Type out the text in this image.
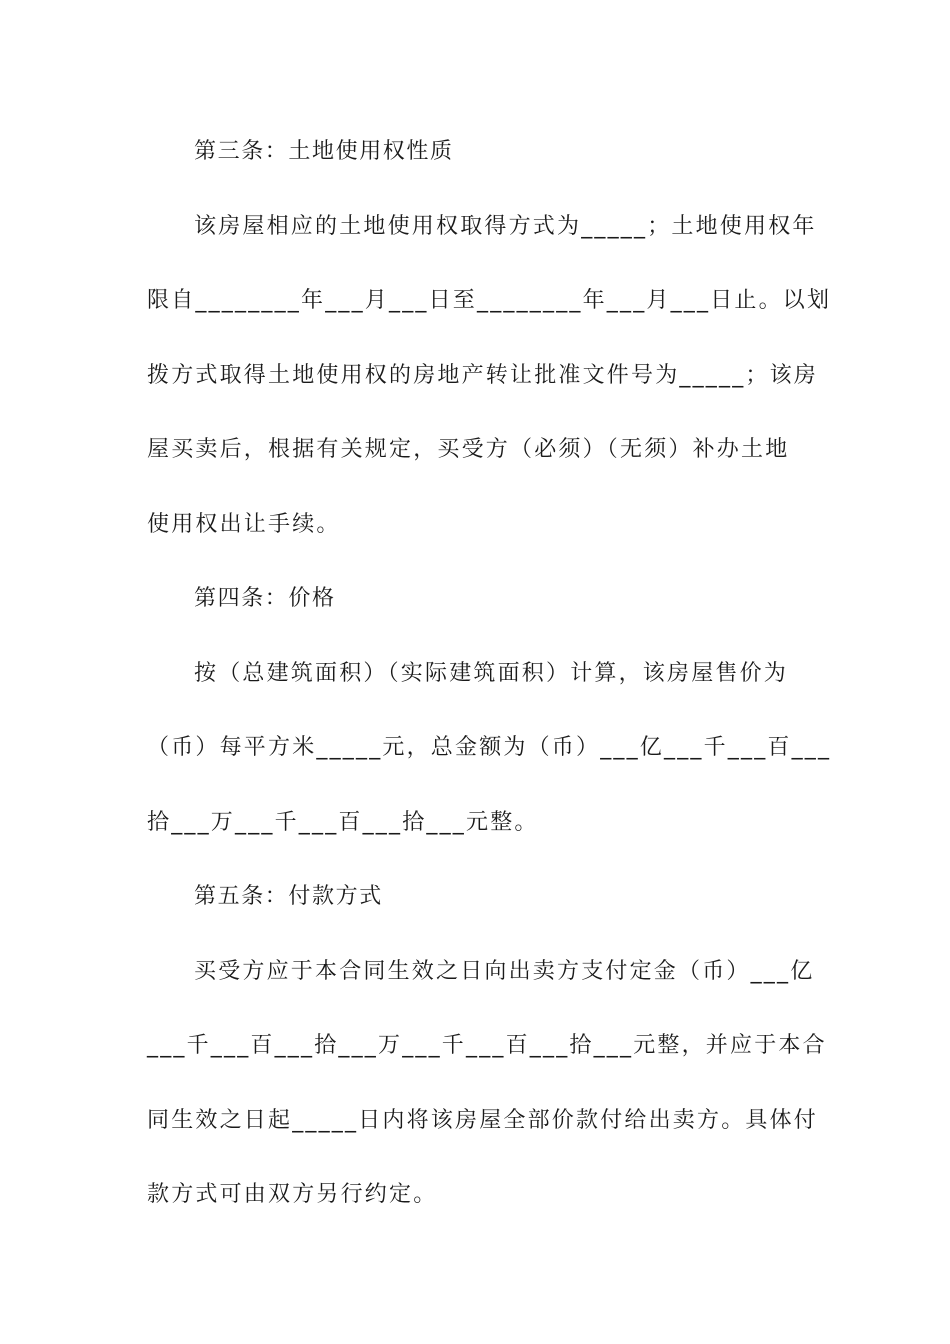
第三条：土地使用权性质
该房屋相应的土地使用权取得方式为_____；土地使用权年
限自________年___月___日至________年___月___日止。以划
拨方式取得土地使用权的房地产转让批准文件号为_____；该房
屋买卖后，根据有关规定，买受方（必须）（无须）补办土地
使用权出让手续。
第四条：价格
按（总建筑面积）（实际建筑面积）计算，该房屋售价为
（币）每平方米_____元，总金额为（币）___亿___千___百___
拾___万___千___百___拾___元整。
第五条：付款方式
买受方应于本合同生效之日向出卖方支付定金（币）___亿
___千___百___拾___万___千___百___拾___元整，并应于本合
同生效之日起_____日内将该房屋全部价款付给出卖方。具体付
款方式可由双方另行约定。
